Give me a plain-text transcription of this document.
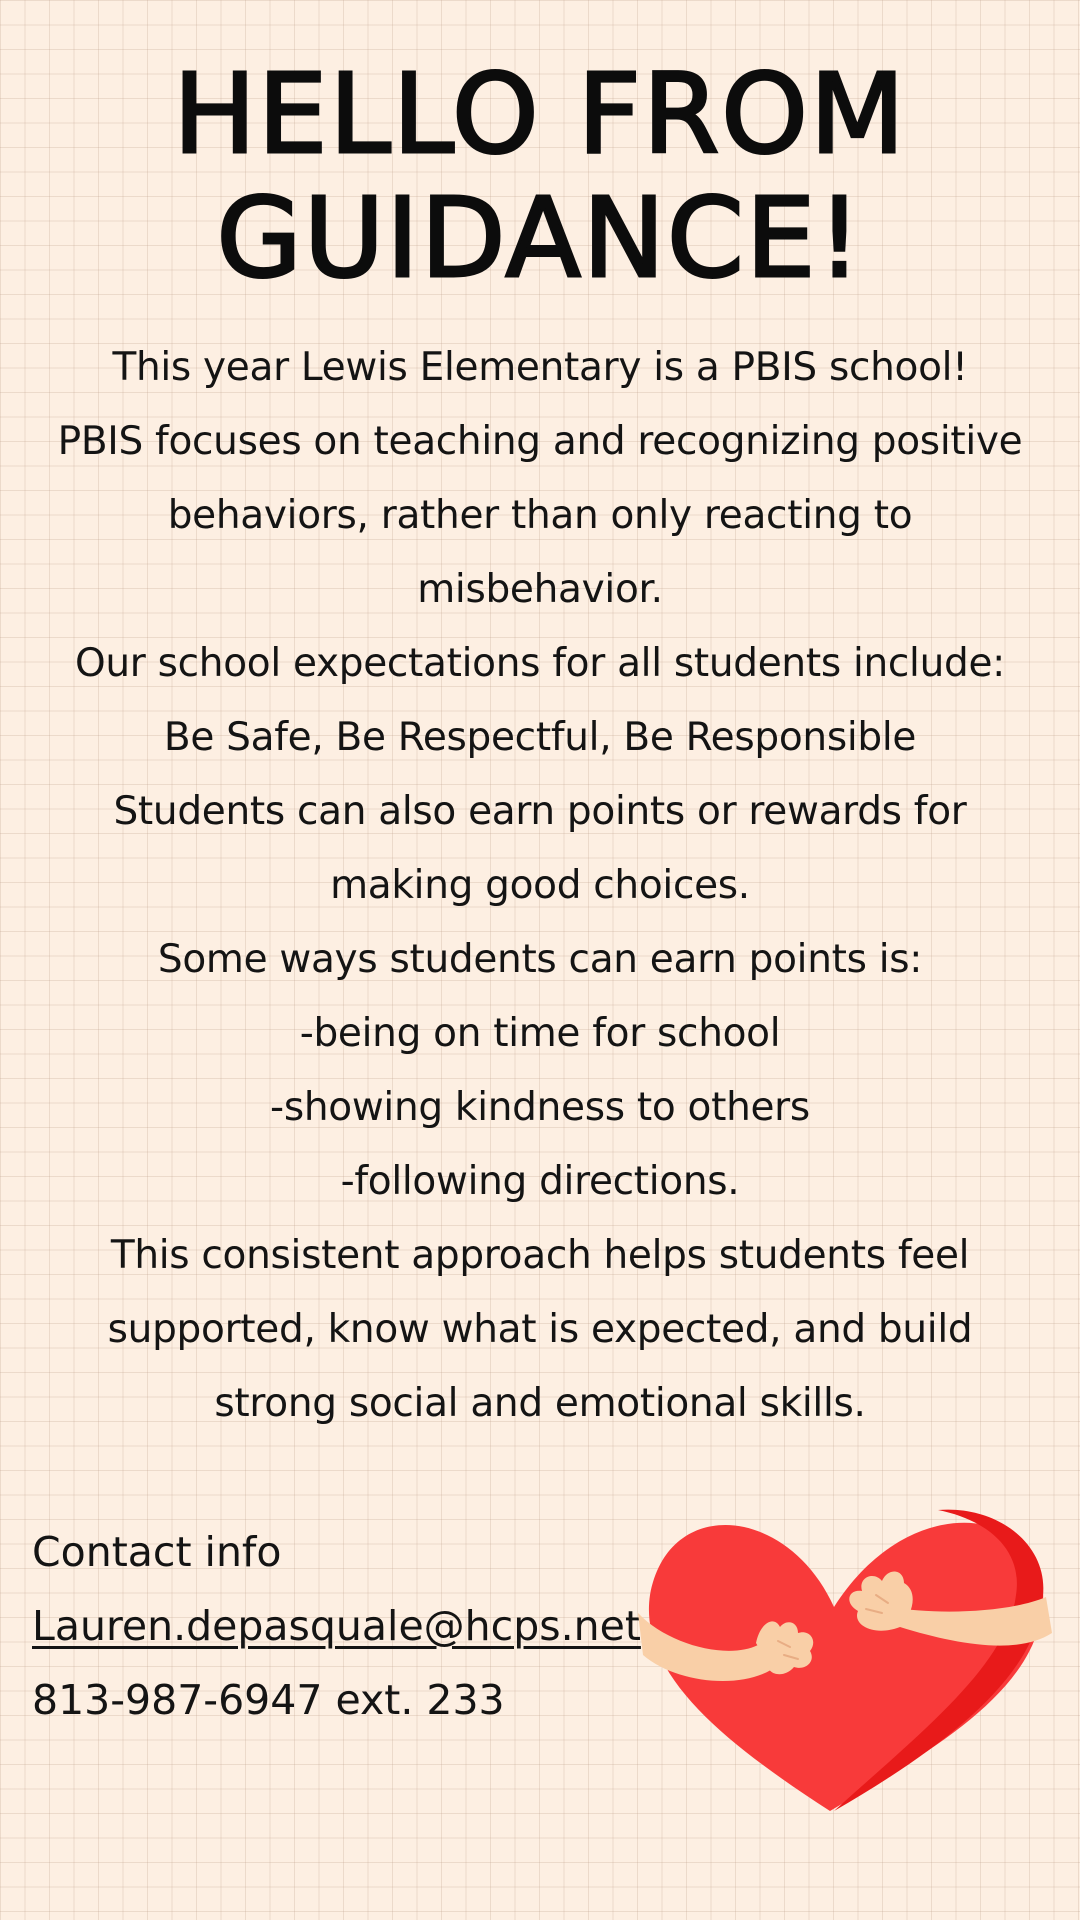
HELLO FROM
GUIDANCE!
This year Lewis Elementary is a PBIS school!
PBIS focuses on teaching and recognizing positive
behaviors, rather than only reacting to
misbehavior.
Our school expectations for all students include:
Be Safe, Be Respectful, Be Responsible
Students can also earn points or rewards for
making good choices.
Some ways students can earn points is:
-being on time for school
-showing kindness to others
-following directions.
This consistent approach helps students feel
supported, know what is expected, and build
strong social and emotional skills.
Contact info
Lauren.depasquale@hcps.net
813-987-6947 ext. 233
